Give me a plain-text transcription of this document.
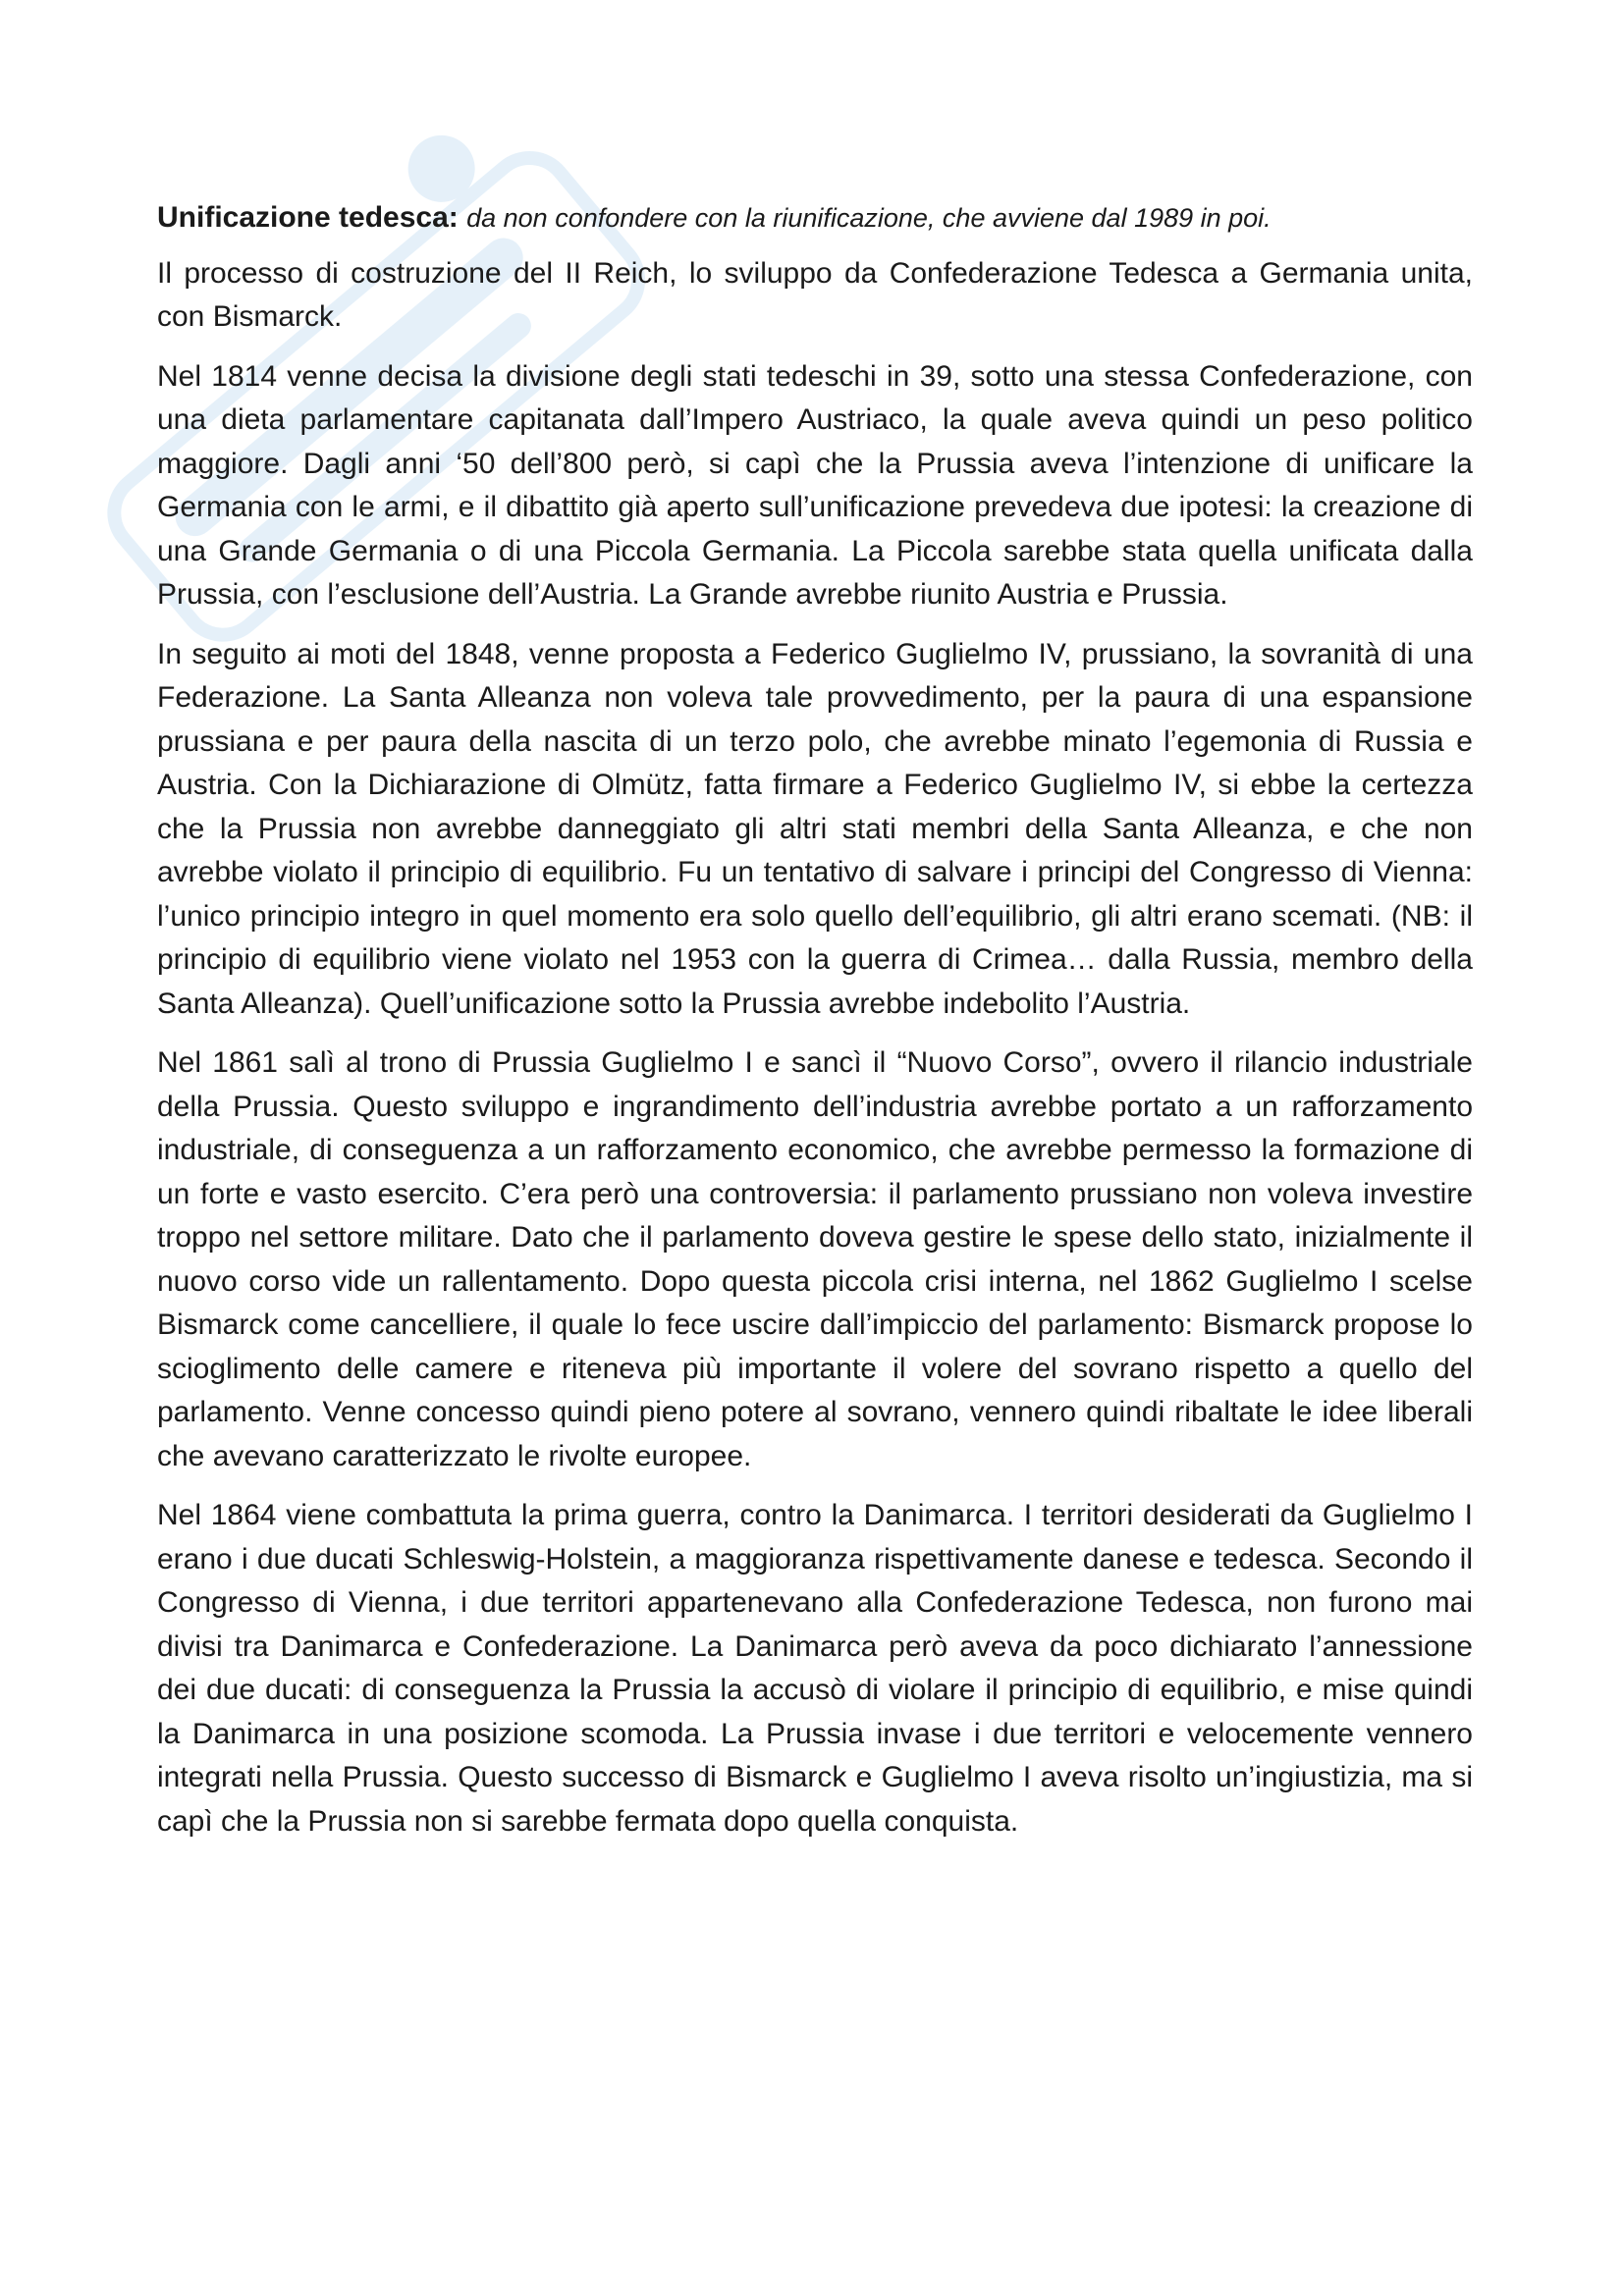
Unificazione tedesca: da non confondere con la riunificazione, che avviene dal 1989 in poi.

Il processo di costruzione del II Reich, lo sviluppo da Confederazione Tedesca a Germania unita, con Bismarck.

Nel 1814 venne decisa la divisione degli stati tedeschi in 39, sotto una stessa Confederazione, con una dieta parlamentare capitanata dall’Impero Austriaco, la quale aveva quindi un peso politico maggiore. Dagli anni ‘50 dell’800 però, si capì che la Prussia aveva l’intenzione di unificare la Germania con le armi, e il dibattito già aperto sull’unificazione prevedeva due ipotesi: la creazione di una Grande Germania o di una Piccola Germania. La Piccola sarebbe stata quella unificata dalla Prussia, con l’esclusione dell’Austria. La Grande avrebbe riunito Austria e Prussia.

In seguito ai moti del 1848, venne proposta a Federico Guglielmo IV, prussiano, la sovranità di una Federazione. La Santa Alleanza non voleva tale provvedimento, per la paura di una espansione prussiana e per paura della nascita di un terzo polo, che avrebbe minato l’egemonia di Russia e Austria. Con la Dichiarazione di Olmütz, fatta firmare a Federico Guglielmo IV, si ebbe la certezza che la Prussia non avrebbe danneggiato gli altri stati membri della Santa Alleanza, e che non avrebbe violato il principio di equilibrio. Fu un tentativo di salvare i principi del Congresso di Vienna: l’unico principio integro in quel momento era solo quello dell’equilibrio, gli altri erano scemati. (NB: il principio di equilibrio viene violato nel 1953 con la guerra di Crimea… dalla Russia, membro della Santa Alleanza). Quell’unificazione sotto la Prussia avrebbe indebolito l’Austria.

Nel 1861 salì al trono di Prussia Guglielmo I e sancì il “Nuovo Corso”, ovvero il rilancio industriale della Prussia. Questo sviluppo e ingrandimento dell’industria avrebbe portato a un rafforzamento industriale, di conseguenza a un rafforzamento economico, che avrebbe permesso la formazione di un forte e vasto esercito. C’era però una controversia: il parlamento prussiano non voleva investire troppo nel settore militare. Dato che il parlamento doveva gestire le spese dello stato, inizialmente il nuovo corso vide un rallentamento. Dopo questa piccola crisi interna, nel 1862 Guglielmo I scelse Bismarck come cancelliere, il quale lo fece uscire dall’impiccio del parlamento: Bismarck propose lo scioglimento delle camere e riteneva più importante il volere del sovrano rispetto a quello del parlamento. Venne concesso quindi pieno potere al sovrano, vennero quindi ribaltate le idee liberali che avevano caratterizzato le rivolte europee.

Nel 1864 viene combattuta la prima guerra, contro la Danimarca. I territori desiderati da Guglielmo I erano i due ducati Schleswig-Holstein, a maggioranza rispettivamente danese e tedesca. Secondo il Congresso di Vienna, i due territori appartenevano alla Confederazione Tedesca, non furono mai divisi tra Danimarca e Confederazione. La Danimarca però aveva da poco dichiarato l’annessione dei due ducati: di conseguenza la Prussia la accusò di violare il principio di equilibrio, e mise quindi la Danimarca in una posizione scomoda. La Prussia invase i due territori e velocemente vennero integrati nella Prussia. Questo successo di Bismarck e Guglielmo I aveva risolto un’ingiustizia, ma si capì che la Prussia non si sarebbe fermata dopo quella conquista.
